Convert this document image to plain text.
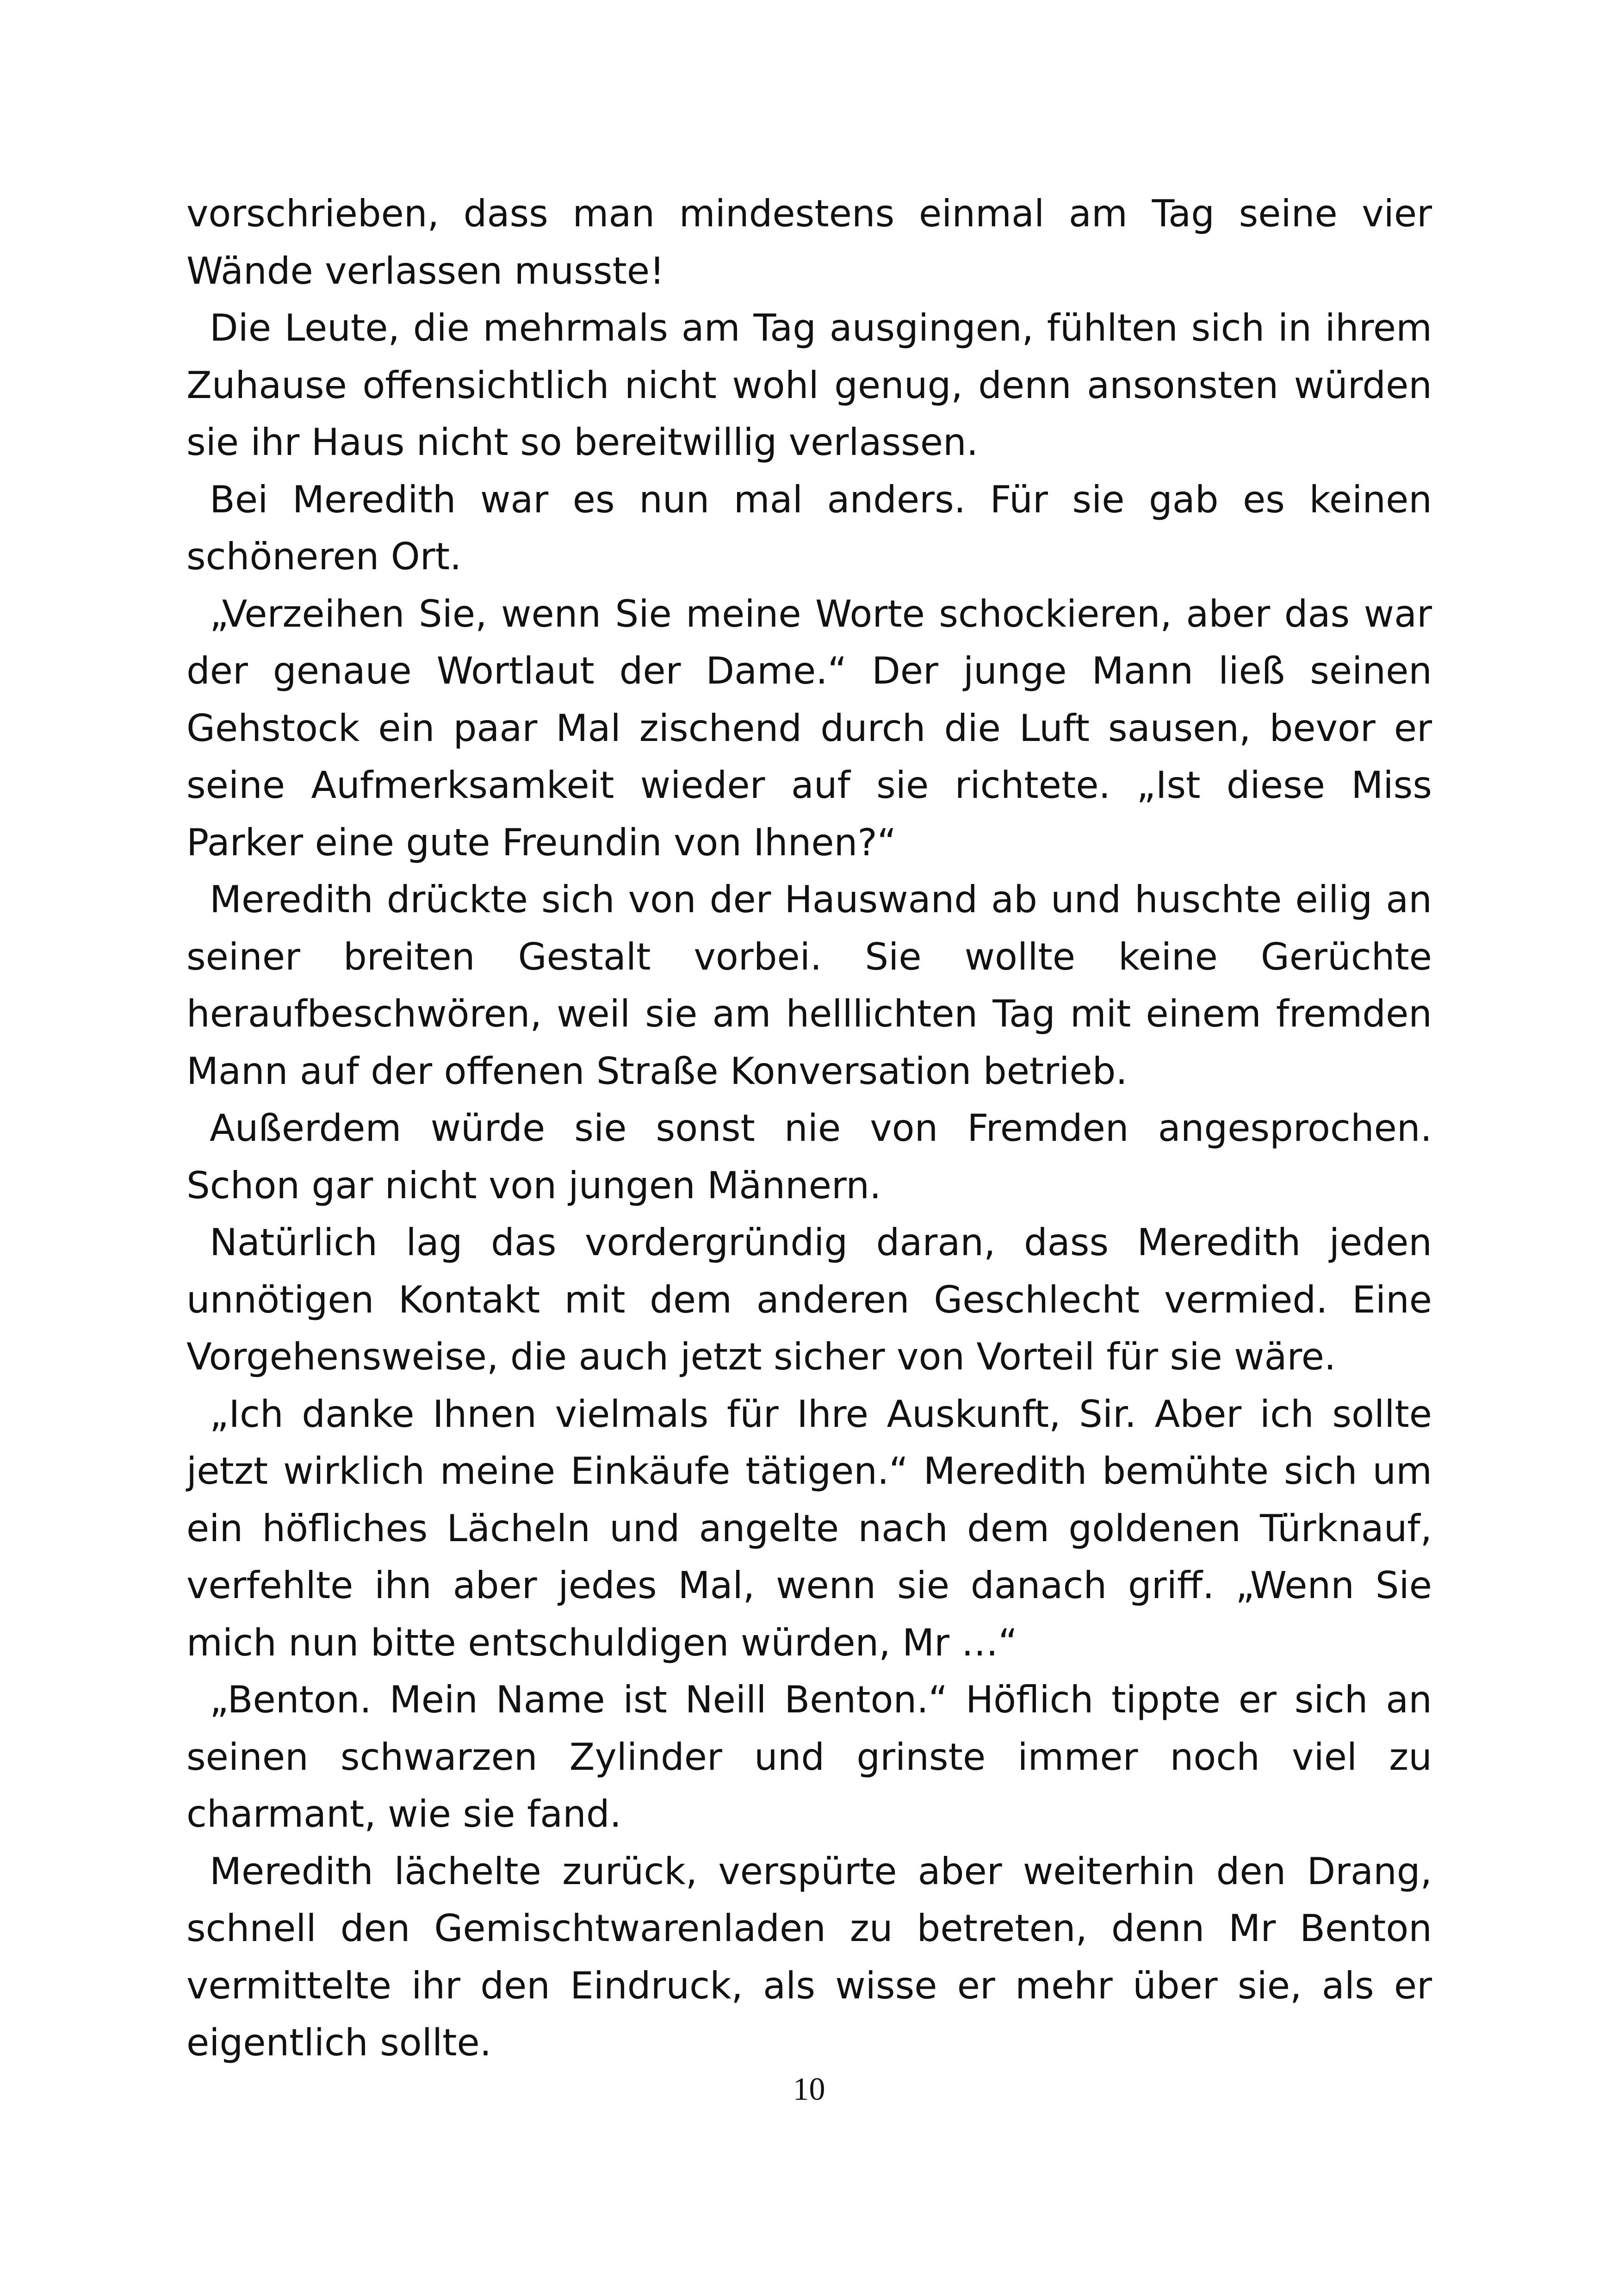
vorschrieben, dass man mindestens einmal am Tag seine vier Wände verlassen musste!

Die Leute, die mehrmals am Tag ausgingen, fühlten sich in ihrem Zuhause offensichtlich nicht wohl genug, denn ansonsten würden sie ihr Haus nicht so bereitwillig verlassen.

Bei Meredith war es nun mal anders. Für sie gab es keinen schöneren Ort.

„Verzeihen Sie, wenn Sie meine Worte schockieren, aber das war der genaue Wortlaut der Dame.“ Der junge Mann ließ seinen Gehstock ein paar Mal zischend durch die Luft sausen, bevor er seine Aufmerksamkeit wieder auf sie richtete. „Ist diese Miss Parker eine gute Freundin von Ihnen?“

Meredith drückte sich von der Hauswand ab und huschte eilig an seiner breiten Gestalt vorbei. Sie wollte keine Gerüchte heraufbeschwören, weil sie am helllichten Tag mit einem fremden Mann auf der offenen Straße Konversation betrieb.

Außerdem würde sie sonst nie von Fremden angesprochen. Schon gar nicht von jungen Männern.

Natürlich lag das vordergründig daran, dass Meredith jeden unnötigen Kontakt mit dem anderen Geschlecht vermied. Eine Vorgehensweise, die auch jetzt sicher von Vorteil für sie wäre.

„Ich danke Ihnen vielmals für Ihre Auskunft, Sir. Aber ich sollte jetzt wirklich meine Einkäufe tätigen.“ Meredith bemühte sich um ein höfliches Lächeln und angelte nach dem goldenen Türknauf, verfehlte ihn aber jedes Mal, wenn sie danach griff. „Wenn Sie mich nun bitte entschuldigen würden, Mr …“

„Benton. Mein Name ist Neill Benton.“ Höflich tippte er sich an seinen schwarzen Zylinder und grinste immer noch viel zu charmant, wie sie fand.

Meredith lächelte zurück, verspürte aber weiterhin den Drang, schnell den Gemischtwarenladen zu betreten, denn Mr Benton vermittelte ihr den Eindruck, als wisse er mehr über sie, als er eigentlich sollte.

10
